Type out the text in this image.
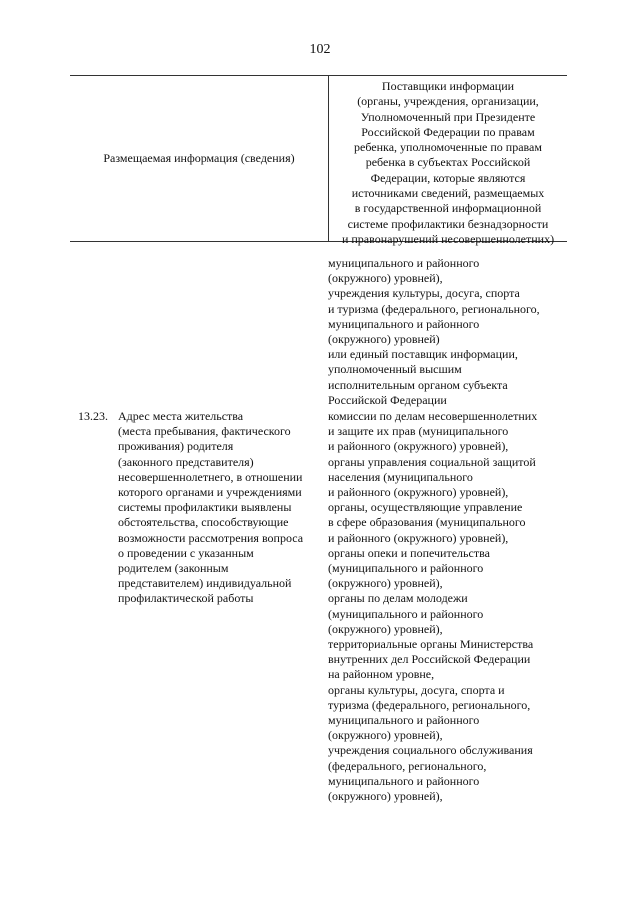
102
Размещаемая информация (сведения)
Поставщики информации
(органы, учреждения, организации,
Уполномоченный при Президенте
Российской Федерации по правам
ребенка, уполномоченные по правам
ребенка в субъектах Российской
Федерации, которые являются
источниками сведений, размещаемых
в государственной информационной
системе профилактики безнадзорности
и правонарушений несовершеннолетних)
муниципального и районного
(окружного) уровней),
учреждения культуры, досуга, спорта
и туризма (федерального, регионального,
муниципального и районного
(окружного) уровней)
или единый поставщик информации,
уполномоченный высшим
исполнительным органом субъекта
Российской Федерации
13.23. Адрес места жительства
(места пребывания, фактического
проживания) родителя
(законного представителя)
несовершеннолетнего, в отношении
которого органами и учреждениями
системы профилактики выявлены
обстоятельства, способствующие
возможности рассмотрения вопроса
о проведении с указанным
родителем (законным
представителем) индивидуальной
профилактической работы
комиссии по делам несовершеннолетних
и защите их прав (муниципального
и районного (окружного) уровней),
органы управления социальной защитой
населения (муниципального
и районного (окружного) уровней),
органы, осуществляющие управление
в сфере образования (муниципального
и районного (окружного) уровней),
органы опеки и попечительства
(муниципального и районного
(окружного) уровней),
органы по делам молодежи
(муниципального и районного
(окружного) уровней),
территориальные органы Министерства
внутренних дел Российской Федерации
на районном уровне,
органы культуры, досуга, спорта и
туризма (федерального, регионального,
муниципального и районного
(окружного) уровней),
учреждения социального обслуживания
(федерального, регионального,
муниципального и районного
(окружного) уровней),
